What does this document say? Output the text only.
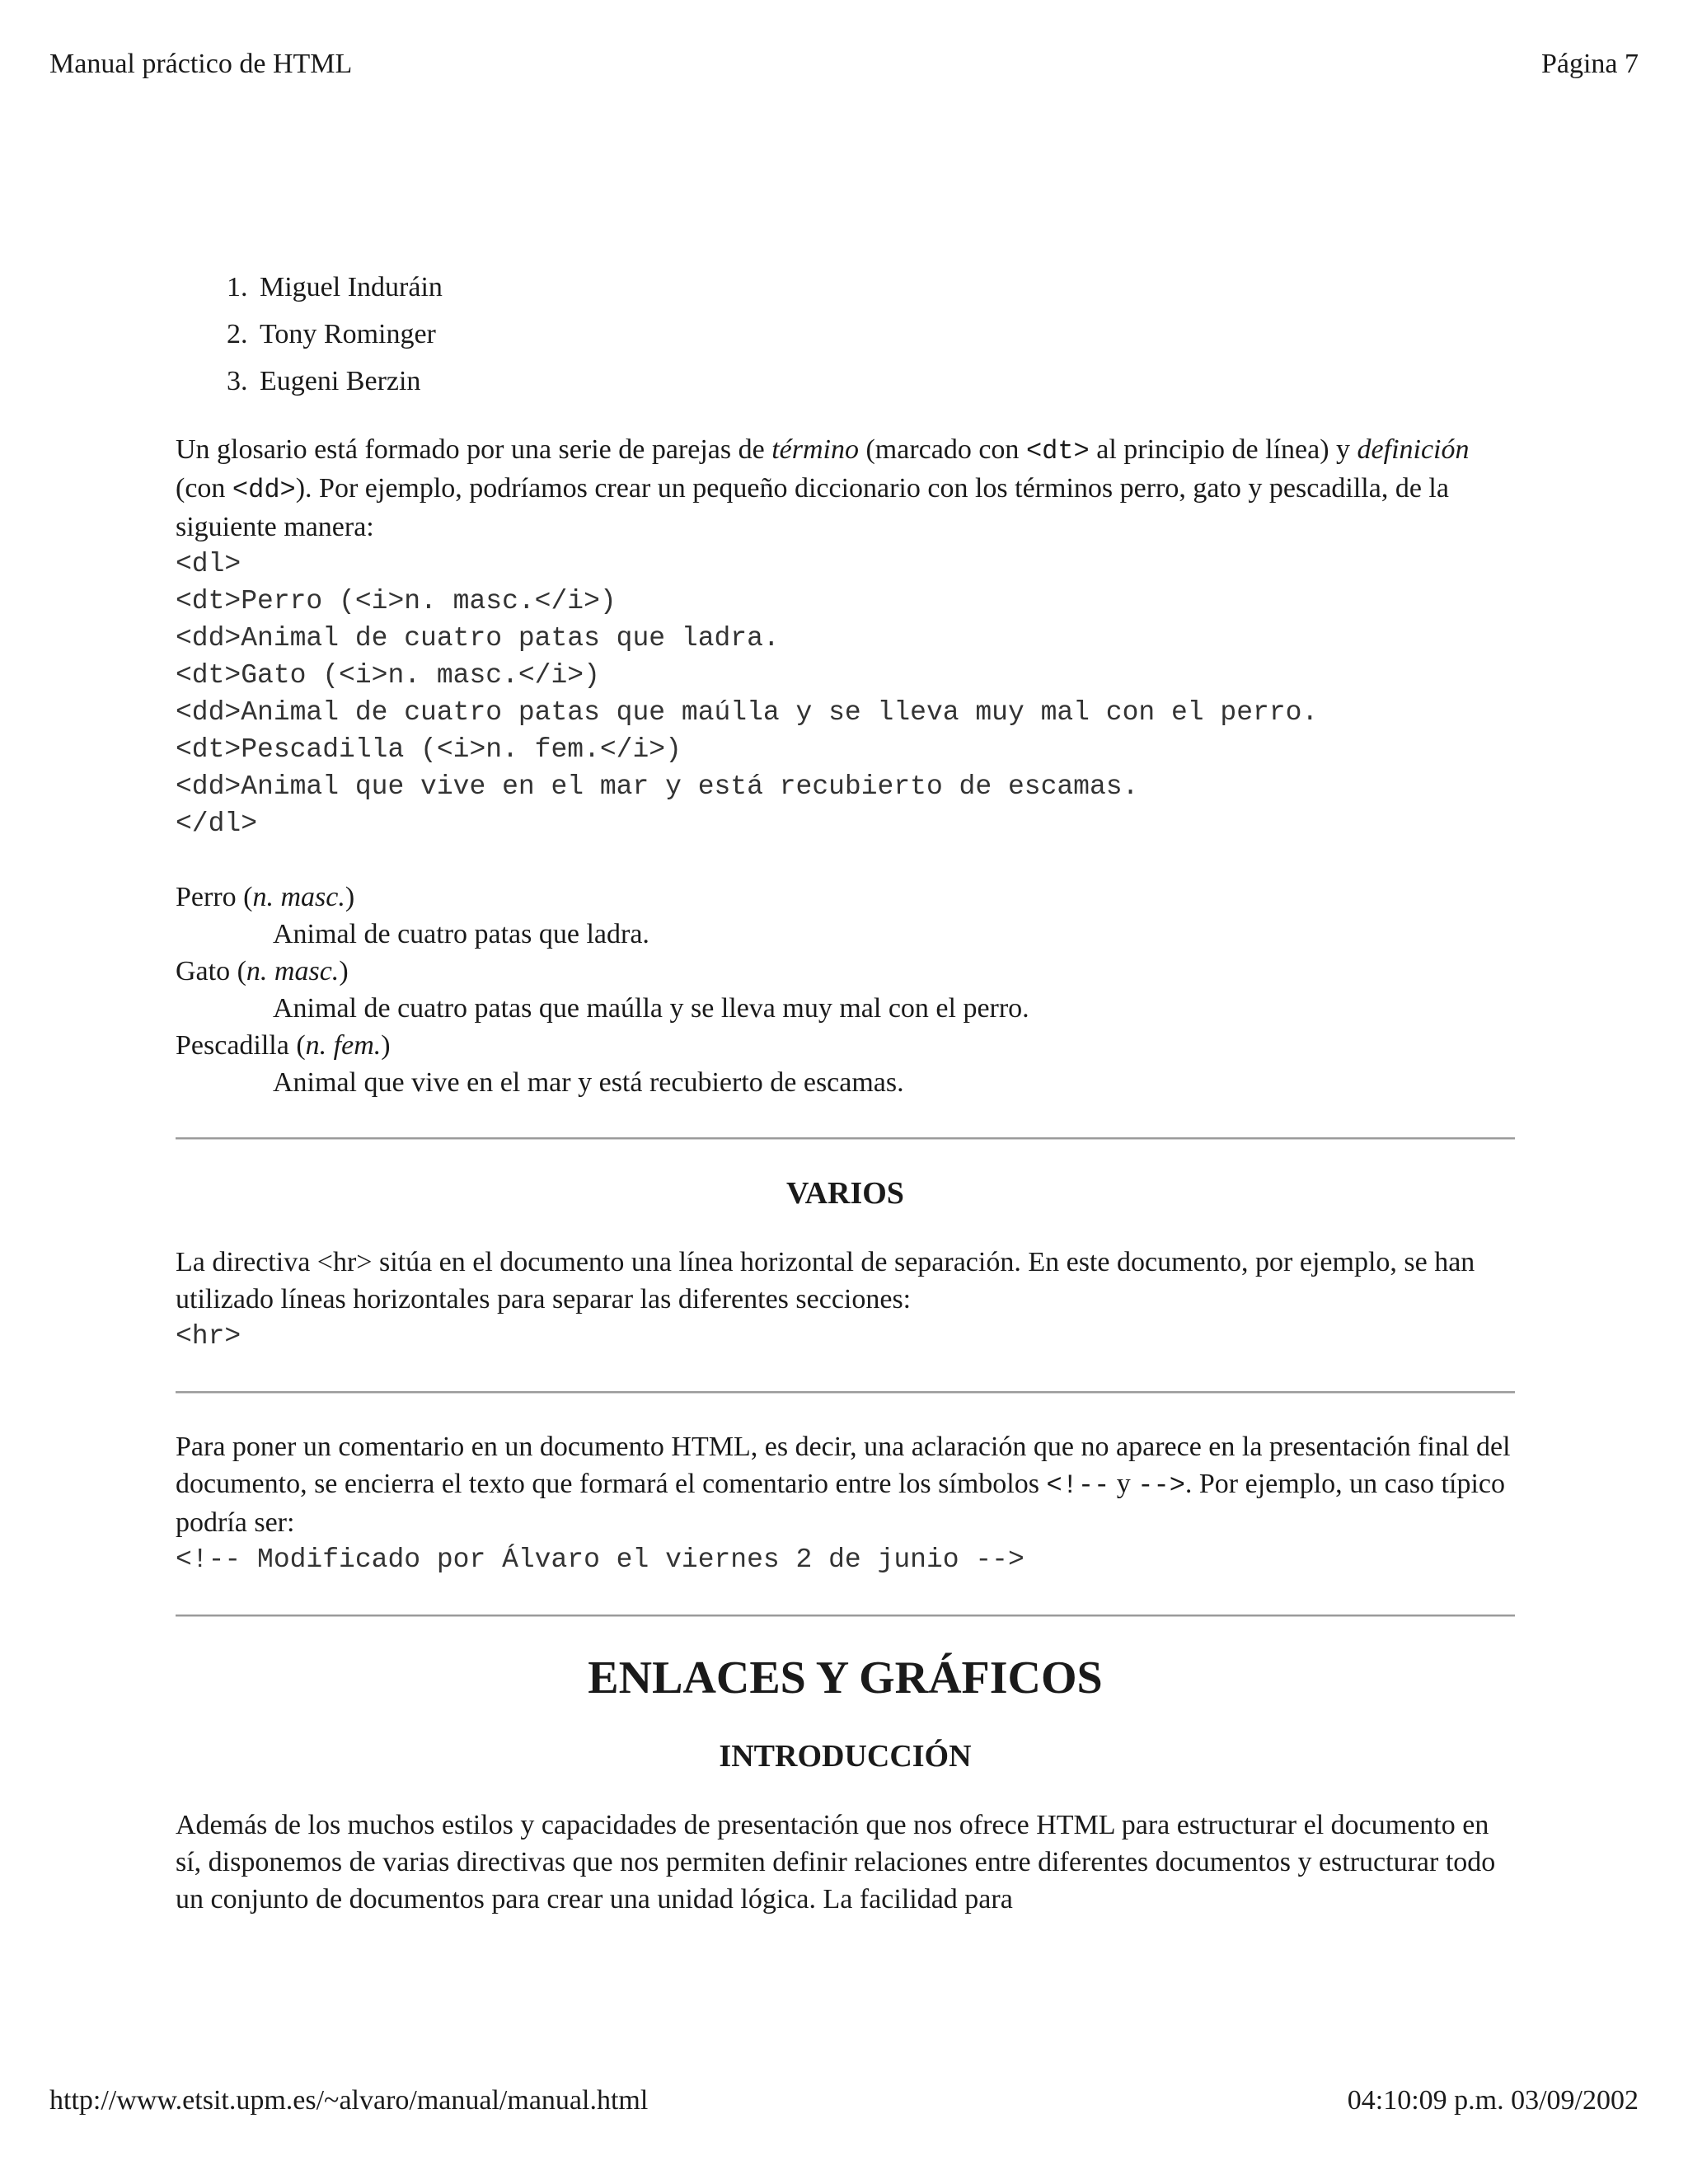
Manual práctico de HTML	Página 7
1. Miguel Induráin
2. Tony Rominger
3. Eugeni Berzin

Un glosario está formado por una serie de parejas de término (marcado con <dt> al principio de línea) y definición (con <dd>). Por ejemplo, podríamos crear un pequeño diccionario con los términos perro, gato y pescadilla, de la siguiente manera:

<dl>
<dt>Perro (<i>n. masc.</i>)
<dd>Animal de cuatro patas que ladra.
<dt>Gato (<i>n. masc.</i>)
<dd>Animal de cuatro patas que maúlla y se lleva muy mal con el perro.
<dt>Pescadilla (<i>n. fem.</i>)
<dd>Animal que vive en el mar y está recubierto de escamas.
</dl>
Perro (n. masc.)
Animal de cuatro patas que ladra.
Gato (n. masc.)
Animal de cuatro patas que maúlla y se lleva muy mal con el perro.
Pescadilla (n. fem.)
Animal que vive en el mar y está recubierto de escamas.
VARIOS

La directiva <hr> sitúa en el documento una línea horizontal de separación. En este documento, por ejemplo, se han utilizado líneas horizontales para separar las diferentes secciones:

<hr>

Para poner un comentario en un documento HTML, es decir, una aclaración que no aparece en la presentación final del documento, se encierra el texto que formará el comentario entre los símbolos <!-- y -->. Por ejemplo, un caso típico podría ser:

<!-- Modificado por Álvaro el viernes 2 de junio -->
ENLACES Y GRÁFICOS
INTRODUCCIÓN

Además de los muchos estilos y capacidades de presentación que nos ofrece HTML para estructurar el documento en sí, disponemos de varias directivas que nos permiten definir relaciones entre diferentes documentos y estructurar todo un conjunto de documentos para crear una unidad lógica. La facilidad para

http://www.etsit.upm.es/~alvaro/manual/manual.html	04:10:09 p.m. 03/09/2002
